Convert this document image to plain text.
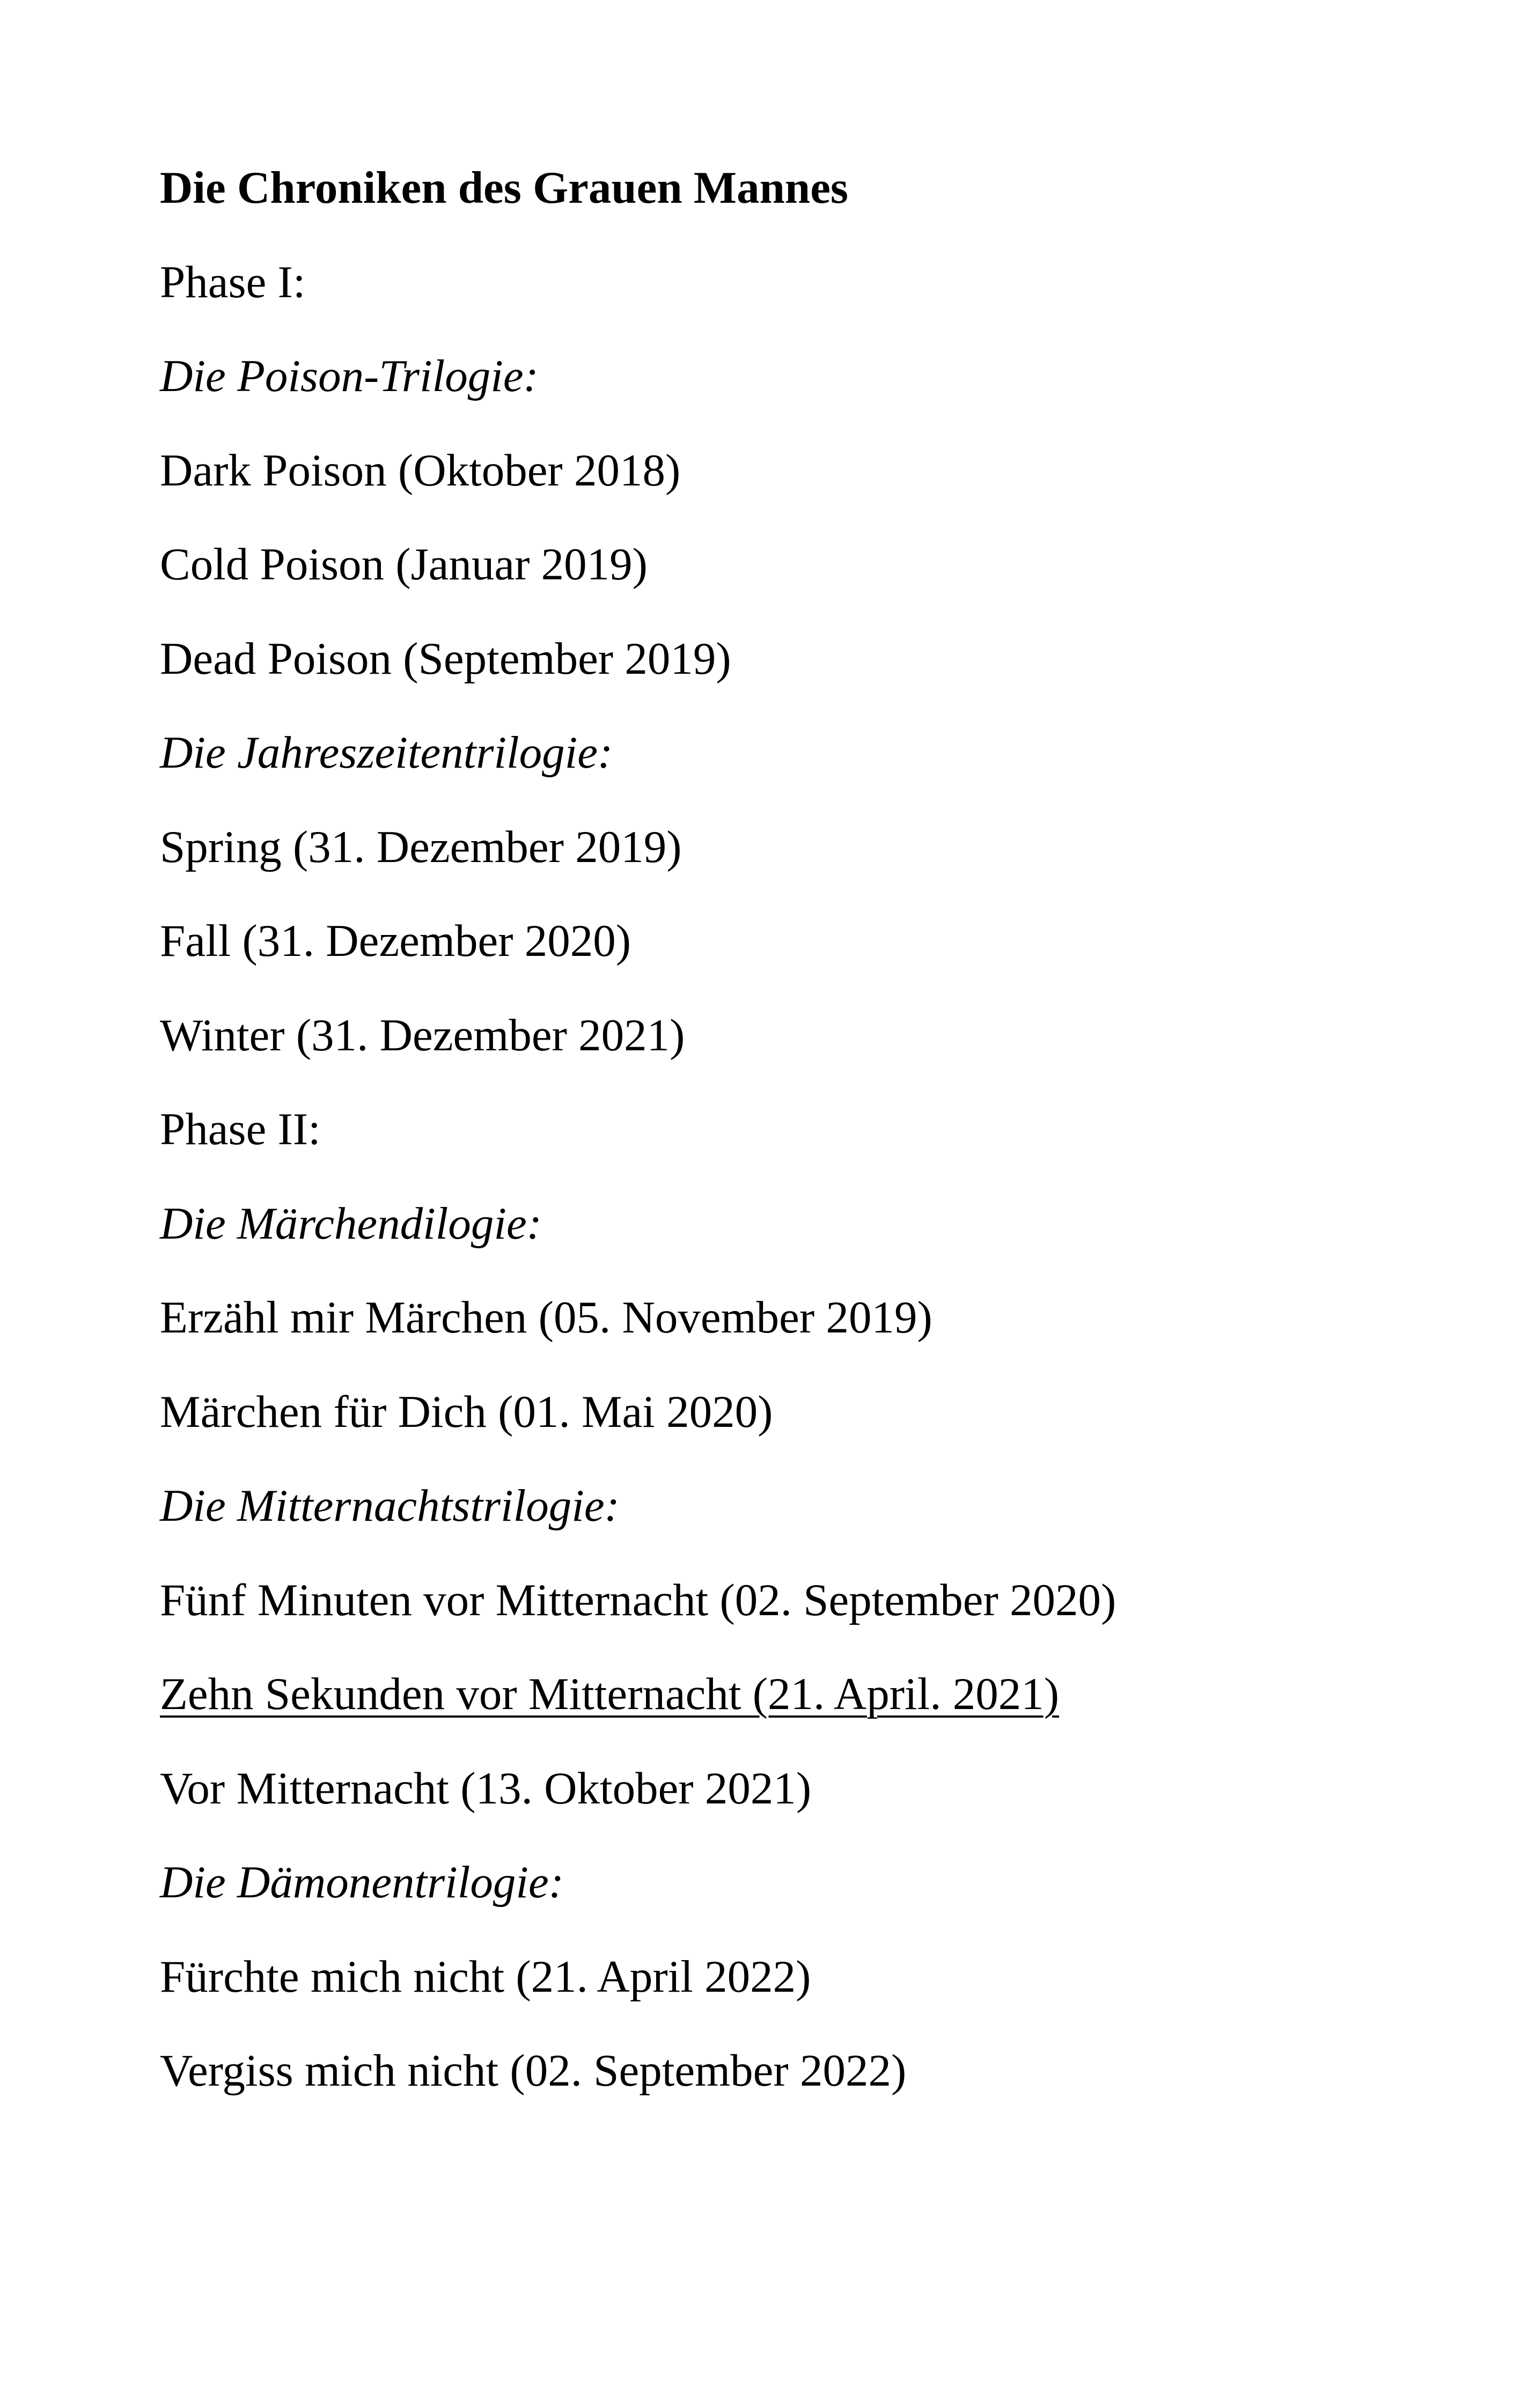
Die Chroniken des Grauen Mannes

Phase I:

Die Poison-Trilogie:

Dark Poison (Oktober 2018)

Cold Poison (Januar 2019)

Dead Poison (September 2019)

Die Jahreszeitentrilogie:

Spring (31. Dezember 2019)

Fall (31. Dezember 2020)

Winter (31. Dezember 2021)

Phase II:

Die Märchendilogie:

Erzähl mir Märchen (05. November 2019)

Märchen für Dich (01. Mai 2020)

Die Mitternachtstrilogie:

Fünf Minuten vor Mitternacht (02. September 2020)

Zehn Sekunden vor Mitternacht (21. April. 2021)

Vor Mitternacht (13. Oktober 2021)

Die Dämonentrilogie:

Fürchte mich nicht (21. April 2022)

Vergiss mich nicht (02. September 2022)
